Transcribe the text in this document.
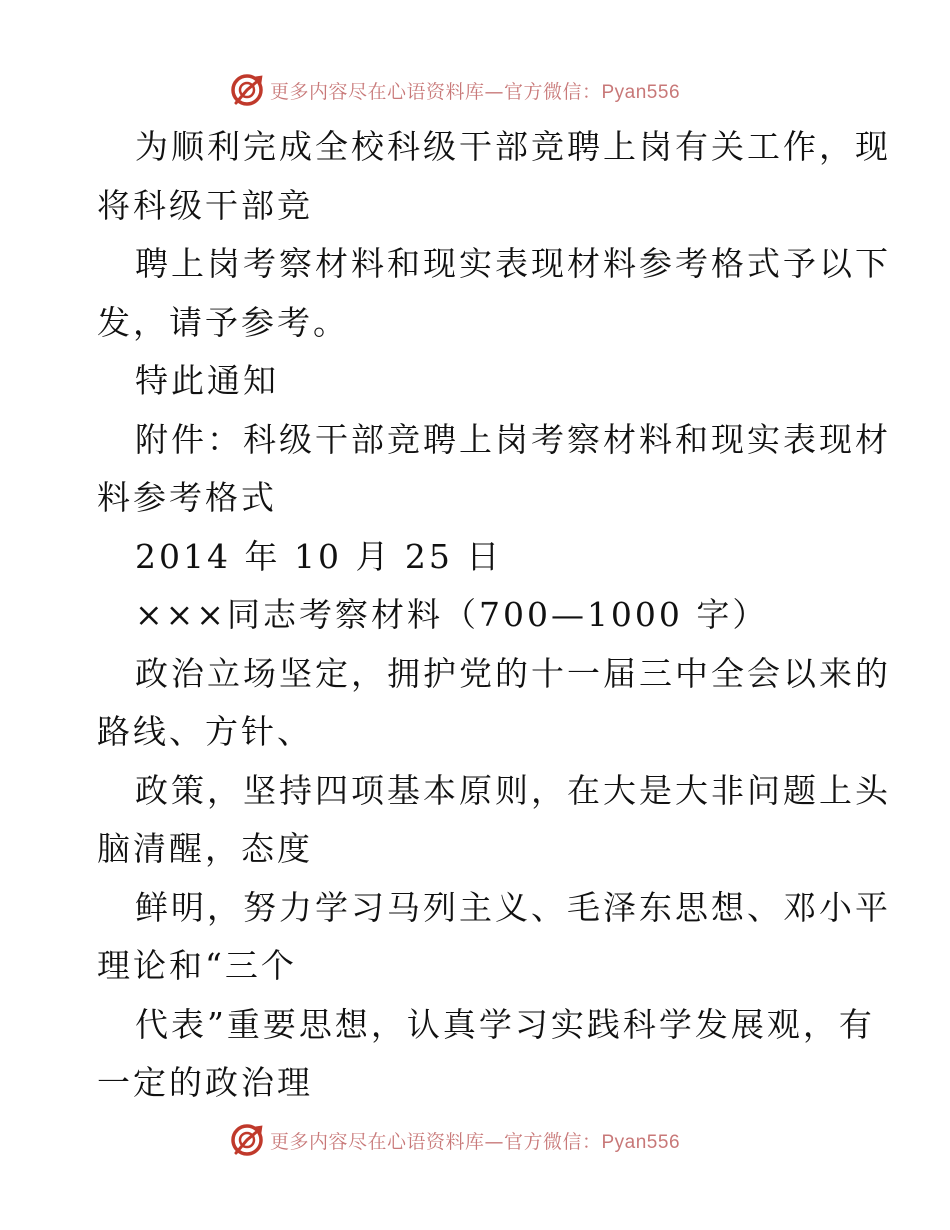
更多内容尽在心语资料库—官方微信：Pyan556
为顺利完成全校科级干部竞聘上岗有关工作，现
将科级干部竞
聘上岗考察材料和现实表现材料参考格式予以下
发，请予参考。
特此通知
附件：科级干部竞聘上岗考察材料和现实表现材
料参考格式
2014 年 10 月 25 日
×××同志考察材料（700—1000 字）
政治立场坚定，拥护党的十一届三中全会以来的
路线、方针、
政策，坚持四项基本原则，在大是大非问题上头
脑清醒，态度
鲜明，努力学习马列主义、毛泽东思想、邓小平
理论和“三个
代表”重要思想，认真学习实践科学发展观，有
一定的政治理
更多内容尽在心语资料库—官方微信：Pyan556
